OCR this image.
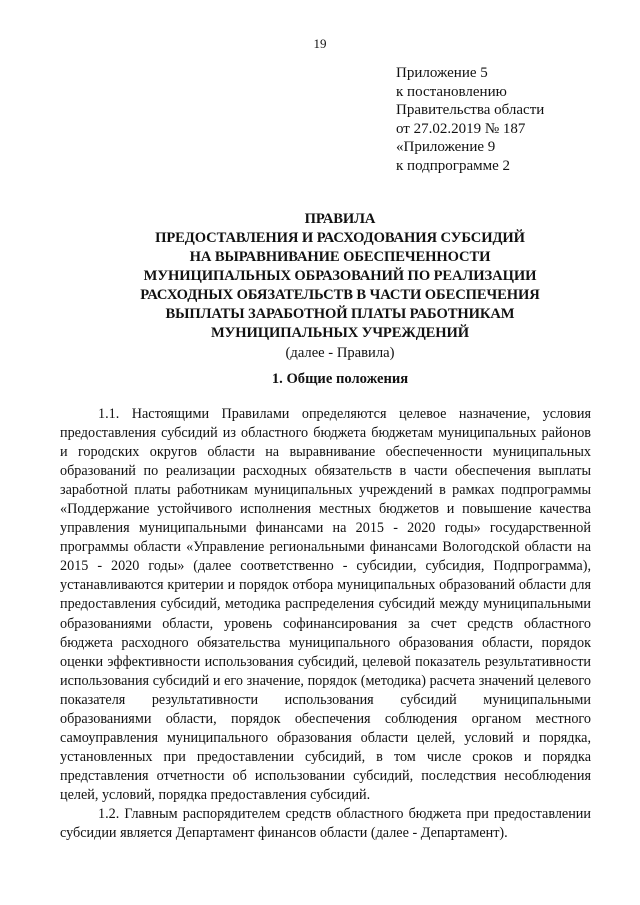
19
Приложение 5
к постановлению
Правительства области
от 27.02.2019 № 187
«Приложение 9
к подпрограмме 2
ПРАВИЛА
ПРЕДОСТАВЛЕНИЯ И РАСХОДОВАНИЯ СУБСИДИЙ
НА ВЫРАВНИВАНИЕ ОБЕСПЕЧЕННОСТИ
МУНИЦИПАЛЬНЫХ ОБРАЗОВАНИЙ ПО РЕАЛИЗАЦИИ
РАСХОДНЫХ ОБЯЗАТЕЛЬСТВ В ЧАСТИ ОБЕСПЕЧЕНИЯ
ВЫПЛАТЫ ЗАРАБОТНОЙ ПЛАТЫ РАБОТНИКАМ
МУНИЦИПАЛЬНЫХ УЧРЕЖДЕНИЙ
(далее - Правила)
1. Общие положения

1.1. Настоящими Правилами определяются целевое назначение, условия предоставления субсидий из областного бюджета бюджетам муниципальных районов и городских округов области на выравнивание обеспеченности муниципальных образований по реализации расходных обязательств в части обеспечения выплаты заработной платы работникам муниципальных учреждений в рамках подпрограммы «Поддержание устойчивого исполнения местных бюджетов и повышение качества управления муниципальными финансами на 2015 - 2020 годы» государственной программы области «Управление региональными финансами Вологодской области на 2015 - 2020 годы» (далее соответственно - субсидии, субсидия, Подпрограмма), устанавливаются критерии и порядок отбора муниципальных образований области для предоставления субсидий, методика распределения субсидий между муниципальными образованиями области, уровень софинансирования за счет средств областного бюджета расходного обязательства муниципального образования области, порядок оценки эффективности использования субсидий, целевой показатель результативности использования субсидий и его значение, порядок (методика) расчета значений целевого показателя результативности использования субсидий муниципальными образованиями области, порядок обеспечения соблюдения органом местного самоуправления муниципального образования области целей, условий и порядка, установленных при предоставлении субсидий, в том числе сроков и порядка представления отчетности об использовании субсидий, последствия несоблюдения целей, условий, порядка предоставления субсидий.

1.2. Главным распорядителем средств областного бюджета при предоставлении субсидии является Департамент финансов области (далее - Департамент).
